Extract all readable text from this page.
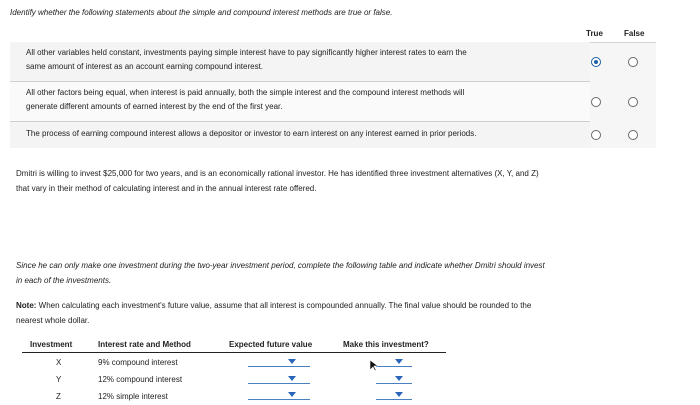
Identify whether the following statements about the simple and compound interest methods are true or false.
True	False
All other variables held constant, investments paying simple interest have to pay significantly higher interest rates to earn the
same amount of interest as an account earning compound interest.
All other factors being equal, when interest is paid annually, both the simple interest and the compound interest methods will
generate different amounts of earned interest by the end of the first year.
The process of earning compound interest allows a depositor or investor to earn interest on any interest earned in prior periods.
Dmitri is willing to invest $25,000 for two years, and is an economically rational investor. He has identified three investment alternatives (X, Y, and Z)
that vary in their method of calculating interest and in the annual interest rate offered.
Since he can only make one investment during the two-year investment period, complete the following table and indicate whether Dmitri should invest
in each of the investments.
Note: When calculating each investment's future value, assume that all interest is compounded annually. The final value should be rounded to the
nearest whole dollar.
Investment	Interest rate and Method	Expected future value	Make this investment?
X	9% compound interest
Y	12% compound interest
Z	12% simple interest
